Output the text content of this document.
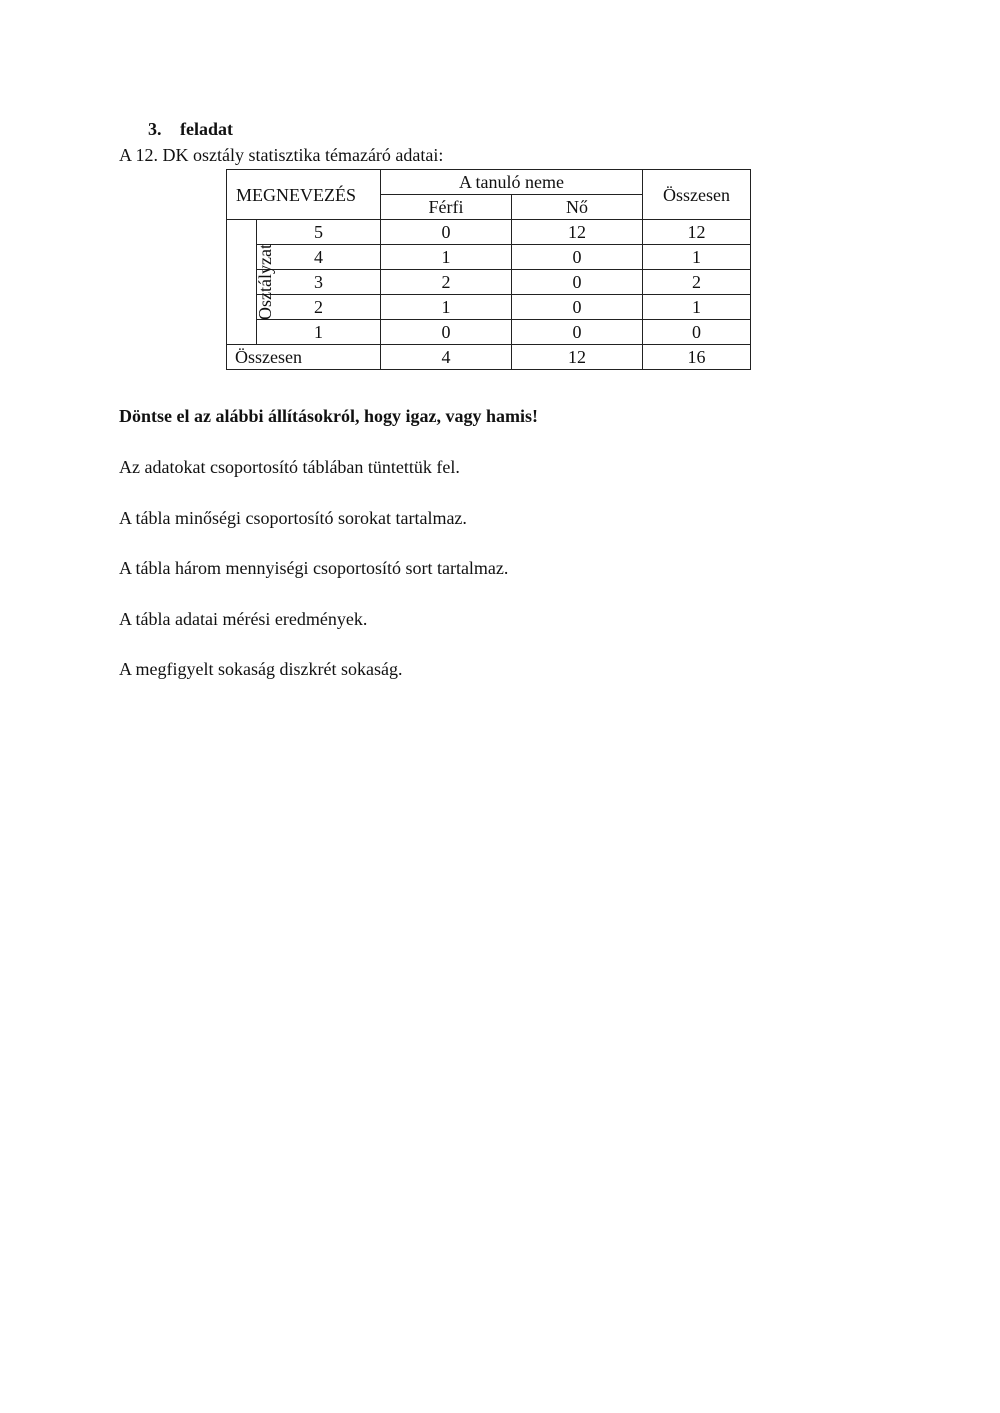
3. feladat
A 12. DK osztály statisztika témazáró adatai:
MEGNEVEZÉS		A tanuló neme		Összesen
		Férfi	Nő	
Osztályzat	5	0	12	12
	4	1	0	1
	3	2	0	2
	2	1	0	1
	1	0	0	0
Összesen		4	12	16
Döntse el az alábbi állításokról, hogy igaz, vagy hamis!
Az adatokat csoportosító táblában tüntettük fel.
A tábla minőségi csoportosító sorokat tartalmaz.
A tábla három mennyiségi csoportosító sort tartalmaz.
A tábla adatai mérési eredmények.
A megfigyelt sokaság diszkrét sokaság.
